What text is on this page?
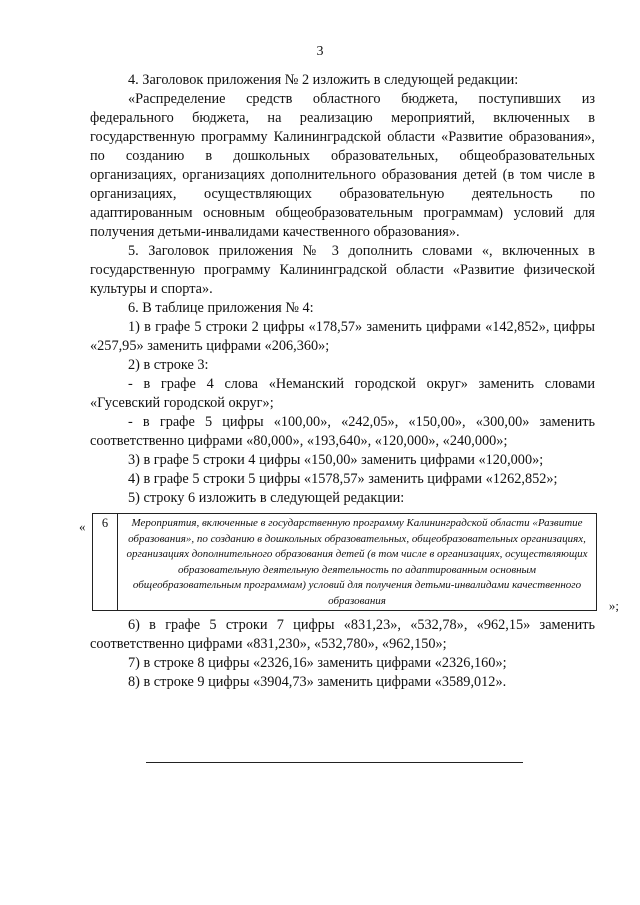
3

4. Заголовок приложения № 2 изложить в следующей редакции:

«Распределение средств областного бюджета, поступивших из федерального бюджета, на реализацию мероприятий, включенных в государственную программу Калининградской области «Развитие образования», по созданию в дошкольных образовательных, общеобразовательных организациях, организациях дополнительного образования детей (в том числе в организациях, осуществляющих образовательную деятельность по адаптированным основным общеобразовательным программам) условий для получения детьми-инвалидами качественного образования».

5. Заголовок приложения № 3 дополнить словами «, включенных в государственную программу Калининградской области «Развитие физической культуры и спорта».

6. В таблице приложения № 4:

1) в графе 5 строки 2 цифры «178,57» заменить цифрами «142,852», цифры «257,95» заменить цифрами «206,360»;

2) в строке 3:

- в графе 4 слова «Неманский городской округ» заменить словами «Гусевский городской округ»;

- в графе 5 цифры «100,00», «242,05», «150,00», «300,00» заменить соответственно цифрами «80,000», «193,640», «120,000», «240,000»;

3) в графе 5 строки 4 цифры «150,00» заменить цифрами «120,000»;

4) в графе 5 строки 5 цифры «1578,57» заменить цифрами «1262,852»;

5) строку 6 изложить в следующей редакции:

« 6	Мероприятия, включенные в государственную программу Калининградской области «Развитие образования», по созданию в дошкольных образовательных, общеобразовательных организациях, организациях дополнительного образования детей (в том числе в организациях, осуществляющих образовательную деятельную деятельность по адаптированным основным общеобразовательным программам) условий для получения детьми-инвалидами качественного образования	»;

6) в графе 5 строки 7 цифры «831,23», «532,78», «962,15» заменить соответственно цифрами «831,230», «532,780», «962,150»;

7) в строке 8 цифры «2326,16» заменить цифрами «2326,160»;

8) в строке 9 цифры «3904,73» заменить цифрами «3589,012».
